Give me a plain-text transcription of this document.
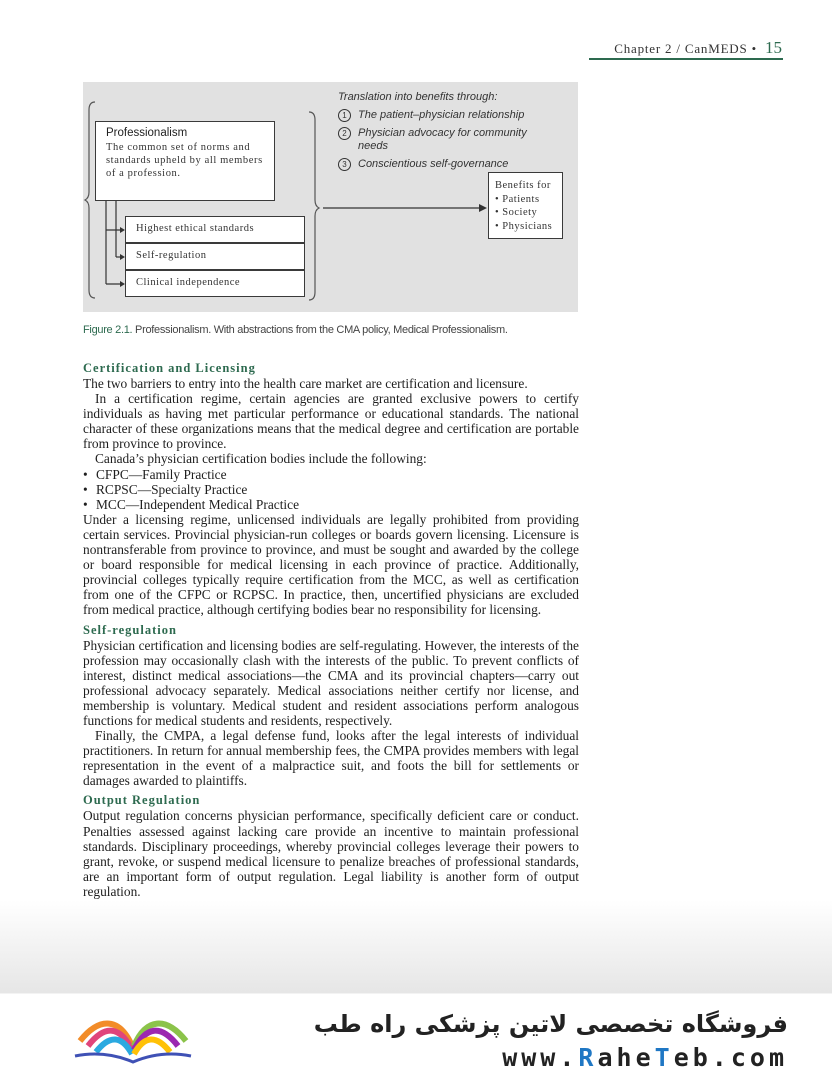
Chapter 2 / CanMEDS • 15
Translation into benefits through:
1	The patient–physician relationship
2	Physician advocacy for community needs
3	Conscientious self-governance
Professionalism
The common set of norms and standards upheld by all members of a profession.
Highest ethical standards
Self-regulation
Clinical independence
Benefits for
• Patients
• Society
• Physicians
Figure 2.1. Professionalism. With abstractions from the CMA policy, Medical Professionalism.
Certification and Licensing

The two barriers to entry into the health care market are certification and licensure.

In a certification regime, certain agencies are granted exclusive powers to certify individuals as having met particular performance or educational standards. The national character of these organizations means that the medical degree and certification are portable from province to province.

Canada’s physician certification bodies include the following:

• CFPC—Family Practice
• RCPSC—Specialty Practice
• MCC—Independent Medical Practice

Under a licensing regime, unlicensed individuals are legally prohibited from providing certain services. Provincial physician-run colleges or boards govern licensing. Licensure is nontransferable from province to province, and must be sought and awarded by the college or board responsible for medical licensing in each province of practice. Additionally, provincial colleges typically require certification from the MCC, as well as certification from one of the CFPC or RCPSC. In practice, then, uncertified physicians are excluded from medical practice, although certifying bodies bear no responsibility for licensing.

Self-regulation

Physician certification and licensing bodies are self-regulating. However, the interests of the profession may occasionally clash with the interests of the public. To prevent conflicts of interest, distinct medical associations—the CMA and its provincial chapters—carry out professional advocacy separately. Medical associations neither certify nor license, and membership is voluntary. Medical student and resident associations perform analogous functions for medical students and residents, respectively.

Finally, the CMPA, a legal defense fund, looks after the legal interests of individual practitioners. In return for annual membership fees, the CMPA provides members with legal representation in the event of a malpractice suit, and foots the bill for settlements or damages awarded to plaintiffs.

Output Regulation

Output regulation concerns physician performance, specifically deficient care or conduct. Penalties assessed against lacking care provide an incentive to maintain professional standards. Disciplinary proceedings, whereby provincial colleges leverage their powers to grant, revoke, or suspend medical licensure to penalize breaches of professional standards, are an important form of output regulation. Legal liability is another form of output regulation.

فروشگاه تخصصی لاتین پزشکی راه طب
www.RaheTeb.com
